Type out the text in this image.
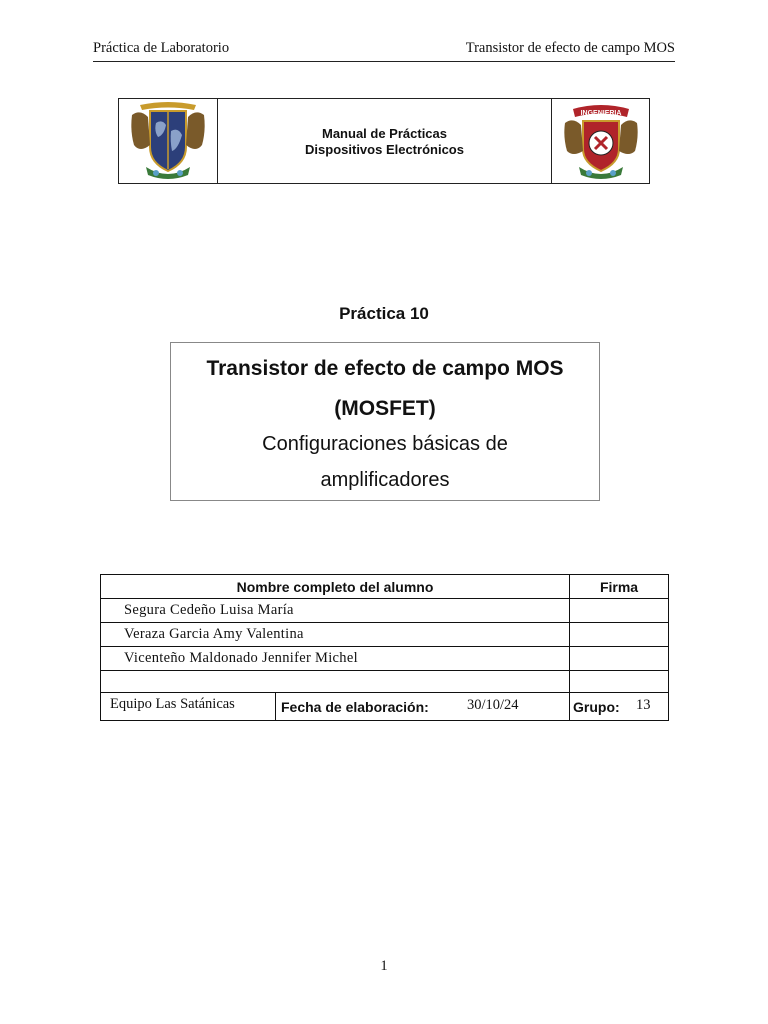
Práctica de Laboratorio	Transistor de efecto de campo MOS
Manual de Prácticas
Dispositivos Electrónicos
INGENIERIA
Práctica 10
Transistor de efecto de campo MOS
(MOSFET)
Configuraciones básicas de
amplificadores
Nombre completo del alumno	Firma
Segura Cedeño Luisa María
Veraza Garcia Amy Valentina
Vicenteño Maldonado Jennifer Michel
Equipo Las Satánicas	Fecha de elaboración:	30/10/24	Grupo: 13
1
